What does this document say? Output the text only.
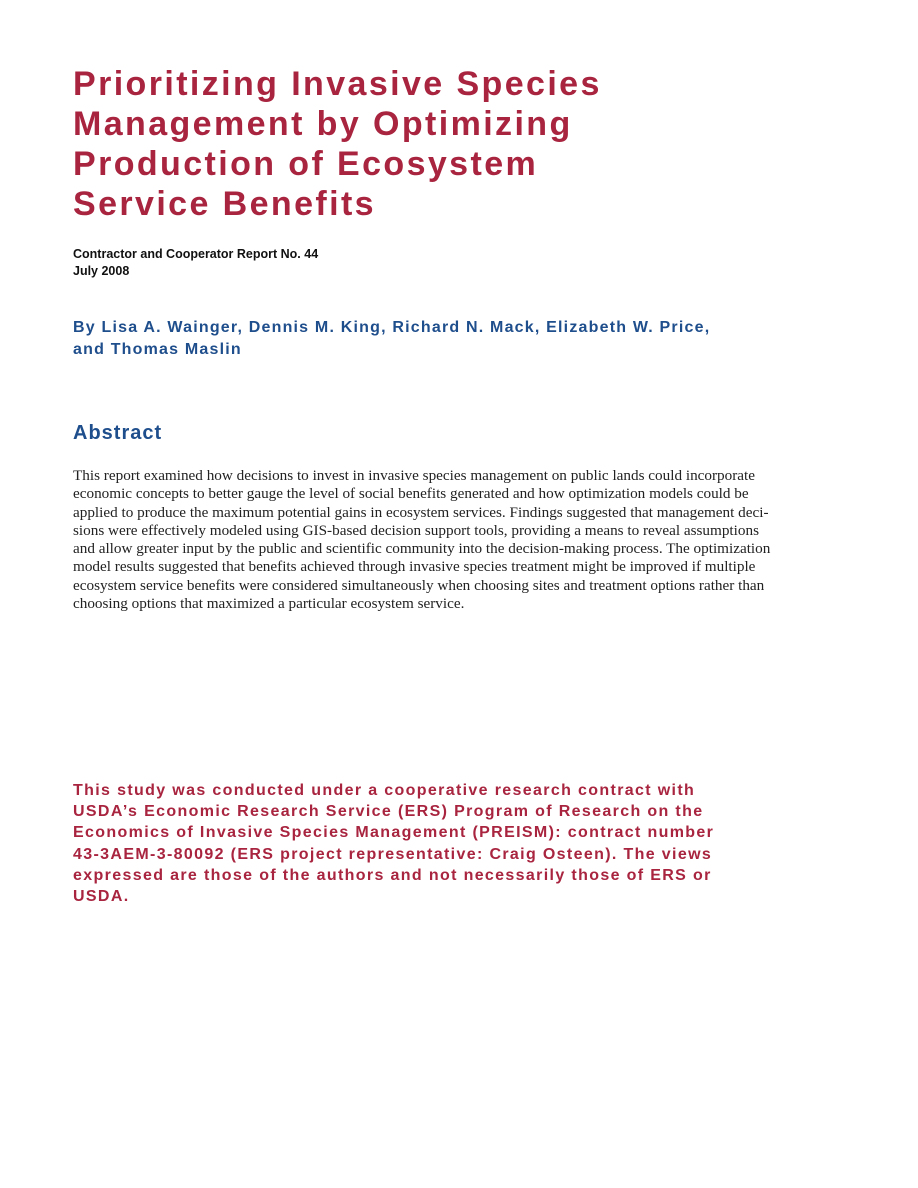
Prioritizing Invasive Species
Management by Optimizing
Production of Ecosystem
Service Benefits
Contractor and Cooperator Report No. 44
July 2008
By Lisa A. Wainger, Dennis M. King, Richard N. Mack, Elizabeth W. Price,
and Thomas Maslin
Abstract
This report examined how decisions to invest in invasive species management on public lands could incorporate
economic concepts to better gauge the level of social benefits generated and how optimization models could be
applied to produce the maximum potential gains in ecosystem services. Findings suggested that management deci-
sions were effectively modeled using GIS-based decision support tools, providing a means to reveal assumptions
and allow greater input by the public and scientific community into the decision-making process. The optimization
model results suggested that benefits achieved through invasive species treatment might be improved if multiple
ecosystem service benefits were considered simultaneously when choosing sites and treatment options rather than
choosing options that maximized a particular ecosystem service.
This study was conducted under a cooperative research contract with
USDA’s Economic Research Service (ERS) Program of Research on the
Economics of Invasive Species Management (PREISM): contract number
43-3AEM-3-80092 (ERS project representative: Craig Osteen). The views
expressed are those of the authors and not necessarily those of ERS or
USDA.
